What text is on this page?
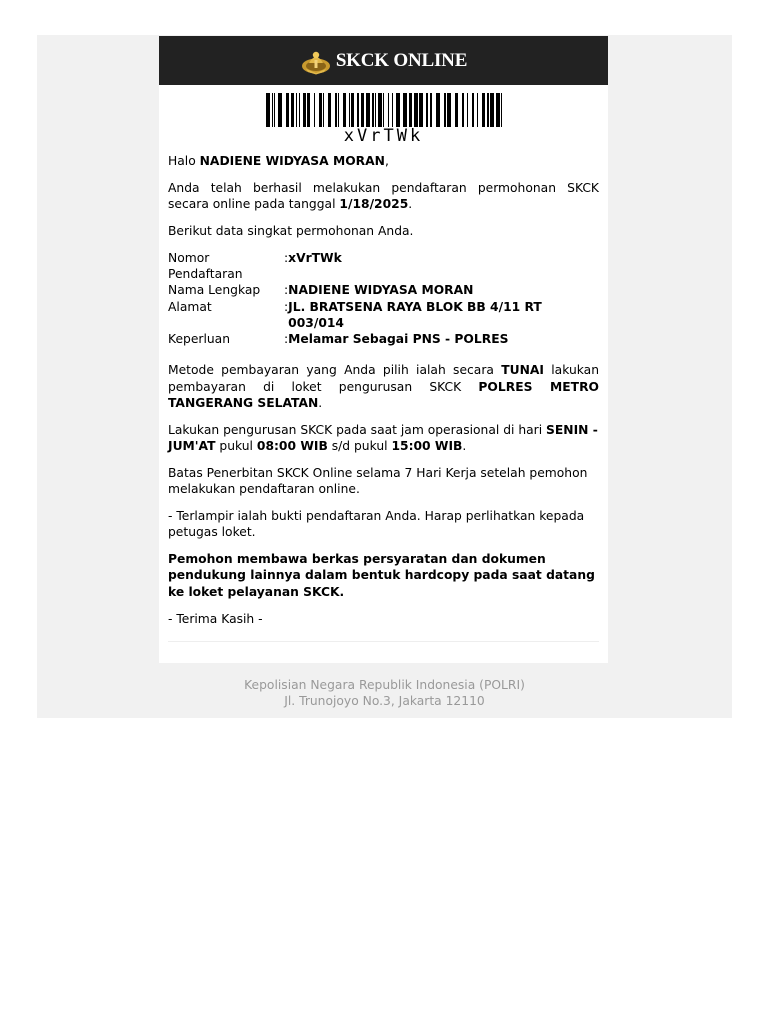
SKCK ONLINE
xVrTWk

Halo NADIENE WIDYASA MORAN,

Anda telah berhasil melakukan pendaftaran permohonan SKCK secara online pada tanggal 1/18/2025.

Berikut data singkat permohonan Anda.

Nomor Pendaftaran
: xVrTWk
Nama Lengkap	: NADIENE WIDYASA MORAN
Alamat	: JL. BRATSENA RAYA BLOK BB 4/11 RT 003/014
Keperluan	: Melamar Sebagai PNS - POLRES

Metode pembayaran yang Anda pilih ialah secara TUNAI lakukan pembayaran di loket pengurusan SKCK POLRES METRO TANGERANG SELATAN.

Lakukan pengurusan SKCK pada saat jam operasional di hari SENIN - JUM'AT pukul 08:00 WIB s/d pukul 15:00 WIB.

Batas Penerbitan SKCK Online selama 7 Hari Kerja setelah pemohon melakukan pendaftaran online.

- Terlampir ialah bukti pendaftaran Anda. Harap perlihatkan kepada petugas loket.

Pemohon membawa berkas persyaratan dan dokumen pendukung lainnya dalam bentuk hardcopy pada saat datang ke loket pelayanan SKCK.

- Terima Kasih -

Kepolisian Negara Republik Indonesia (POLRI)
Jl. Trunojoyo No.3, Jakarta 12110
